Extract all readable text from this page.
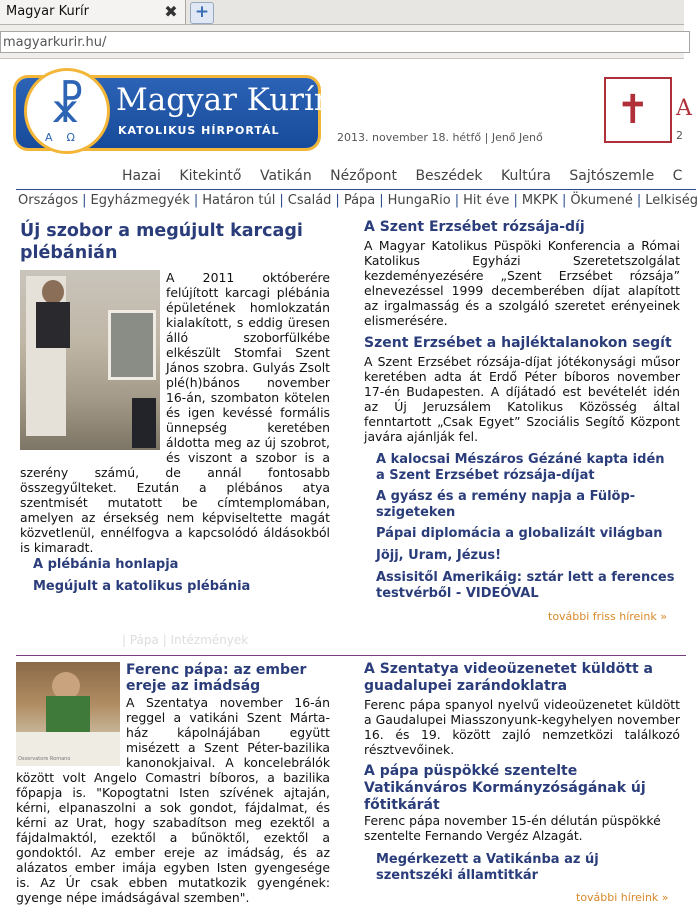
Magyar Kurír	✖ +
magyarkurir.hu/
☧
ΑΩ
Magyar Kurír
KATOLIKUS HÍRPORTÁL
2013. november 18. hétfő | Jenő Jenő
✝ A
2
Hazai Kitekintő Vatikán Nézőpont Beszédek Kultúra Sajtószemle C
Országos | Egyházmegyék | Határon túl | Család | Pápa | HungaRio | Hit éve | MKPK | Ökumené | Lelkiség
Új szobor a megújult karcagi plébánián
A 2011 októberére felújított karcagi plébánia épületének homlokzatán kialakított, s eddig üresen álló szoborfülkébe elkészült Stomfai Szent János szobra. Gulyás Zsolt plé(h)bános november 16-án, szombaton kötelen és igen kevéssé formális ünnepség keretében áldotta meg az új szobrot, és viszont a szobor is a szerény számú, de annál fontosabb összegyűlteket. Ezután a plébános atya szentmisét mutatott be címtemplomában, amelyen az érsekség nem képviseltette magát közvetlenül, ennélfogva a kapcsolódó áldásokból is kimaradt.
A plébánia honlapja
Megújult a katolikus plébánia
A Szent Erzsébet rózsája-díj
A Magyar Katolikus Püspöki Konferencia a Római Katolikus Egyházi Szeretetszolgálat kezdeményezésére „Szent Erzsébet rózsája” elnevezéssel 1999 decemberében díjat alapított az irgalmasság és a szolgáló szeretet erényeinek elismerésére.
Szent Erzsébet a hajléktalanokon segít
A Szent Erzsébet rózsája-díjat jótékonysági műsor keretében adta át Erdő Péter bíboros november 17-én Budapesten. A díjátadó est bevételét idén az Új Jeruzsálem Katolikus Közösség által fenntartott „Csak Egyet” Szociális Segítő Központ javára ajánlják fel.
A kalocsai Mészáros Gézáné kapta idén a Szent Erzsébet rózsája-díjat
A gyász és a remény napja a Fülöp-szigeteken
Pápai diplomácia a globalizált világban
Jöjj, Uram, Jézus!
Assisitől Amerikáig: sztár lett a ferences testvérből - VIDEÓVAL
további friss híreink »
| Pápa | Intézmények
Osservatore Romano
Ferenc pápa: az ember ereje az imádság
A Szentatya november 16-án reggel a vatikáni Szent Márta-ház kápolnájában együtt misézett a Szent Péter-bazilika kanonokjaival. A koncelebrálók között volt Angelo Comastri bíboros, a bazilika főpapja is. "Kopogtatni Isten szívének ajtaján, kérni, elpanaszolni a sok gondot, fájdalmat, és kérni az Urat, hogy szabadítson meg ezektől a fájdalmaktól, ezektől a bűnöktől, ezektől a gondoktól. Az ember ereje az imádság, és az alázatos ember imája egyben Isten gyengesége is. Az Úr csak ebben mutatkozik gyengének: gyenge népe imádságával szemben".
A Szentatya videoüzenetet küldött a guadalupei zarándoklatra
Ferenc pápa spanyol nyelvű videoüzenetet küldött a Gaudalupei Miasszonyunk-kegyhelyen november 16. és 19. között zajló nemzetközi találkozó résztvevőinek.
A pápa püspökké szentelte Vatikánváros Kormányzóságának új főtitkárát
Ferenc pápa november 15-én délután püspökké szentelte Fernando Vergéz Alzagát.
Megérkezett a Vatikánba az új szentszéki államtitkár
további híreink »
